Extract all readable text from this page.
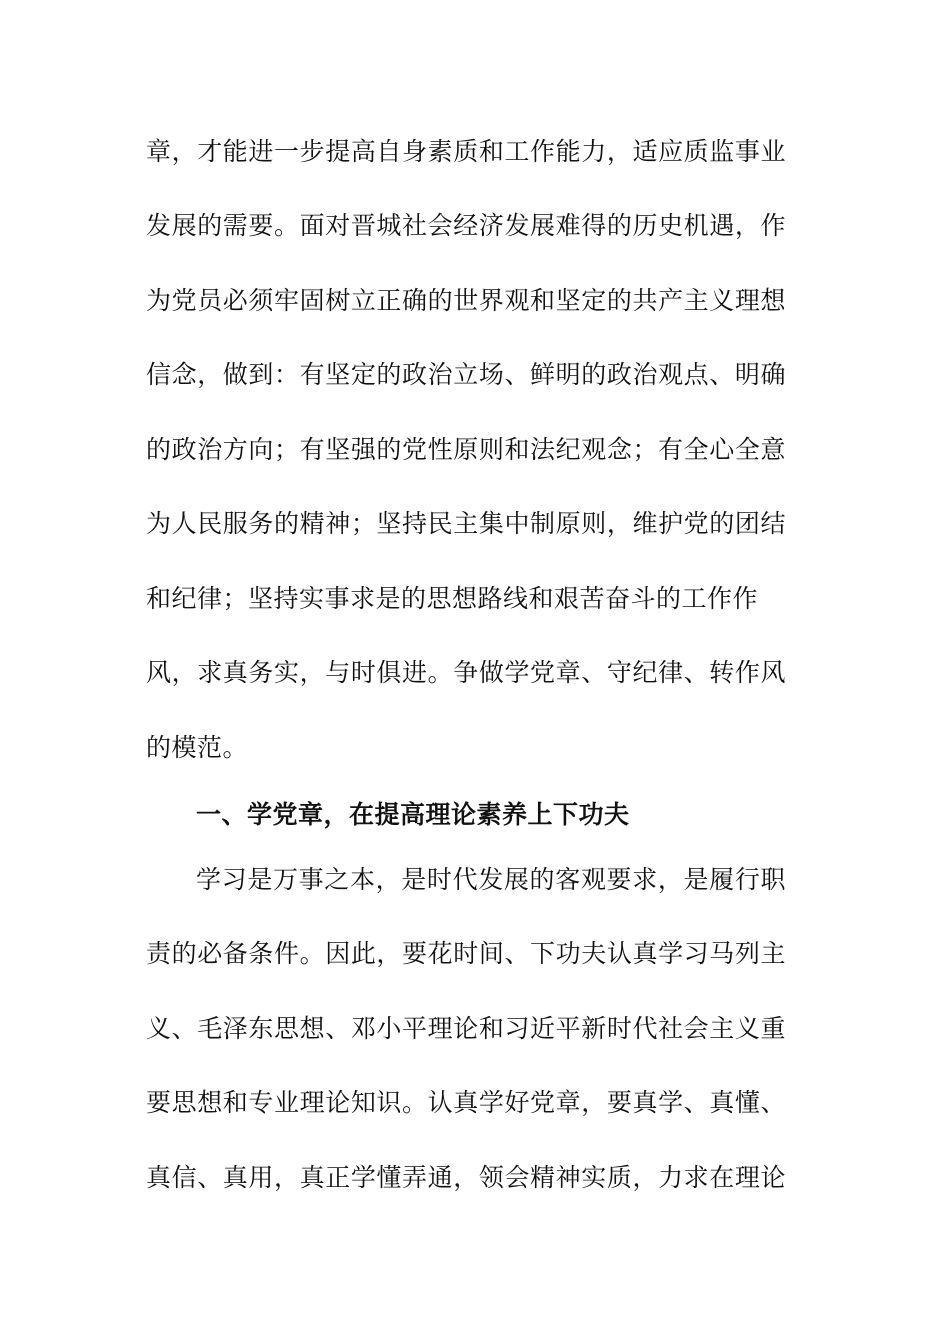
章，才能进一步提高自身素质和工作能力，适应质监事业
发展的需要。面对晋城社会经济发展难得的历史机遇，作
为党员必须牢固树立正确的世界观和坚定的共产主义理想
信念，做到：有坚定的政治立场、鲜明的政治观点、明确
的政治方向；有坚强的党性原则和法纪观念；有全心全意
为人民服务的精神；坚持民主集中制原则，维护党的团结
和纪律；坚持实事求是的思想路线和艰苦奋斗的工作作
风，求真务实，与时俱进。争做学党章、守纪律、转作风
的模范。
一、学党章，在提高理论素养上下功夫
学习是万事之本，是时代发展的客观要求，是履行职
责的必备条件。因此，要花时间、下功夫认真学习马列主
义、毛泽东思想、邓小平理论和习近平新时代社会主义重
要思想和专业理论知识。认真学好党章，要真学、真懂、
真信、真用，真正学懂弄通，领会精神实质，力求在理论
